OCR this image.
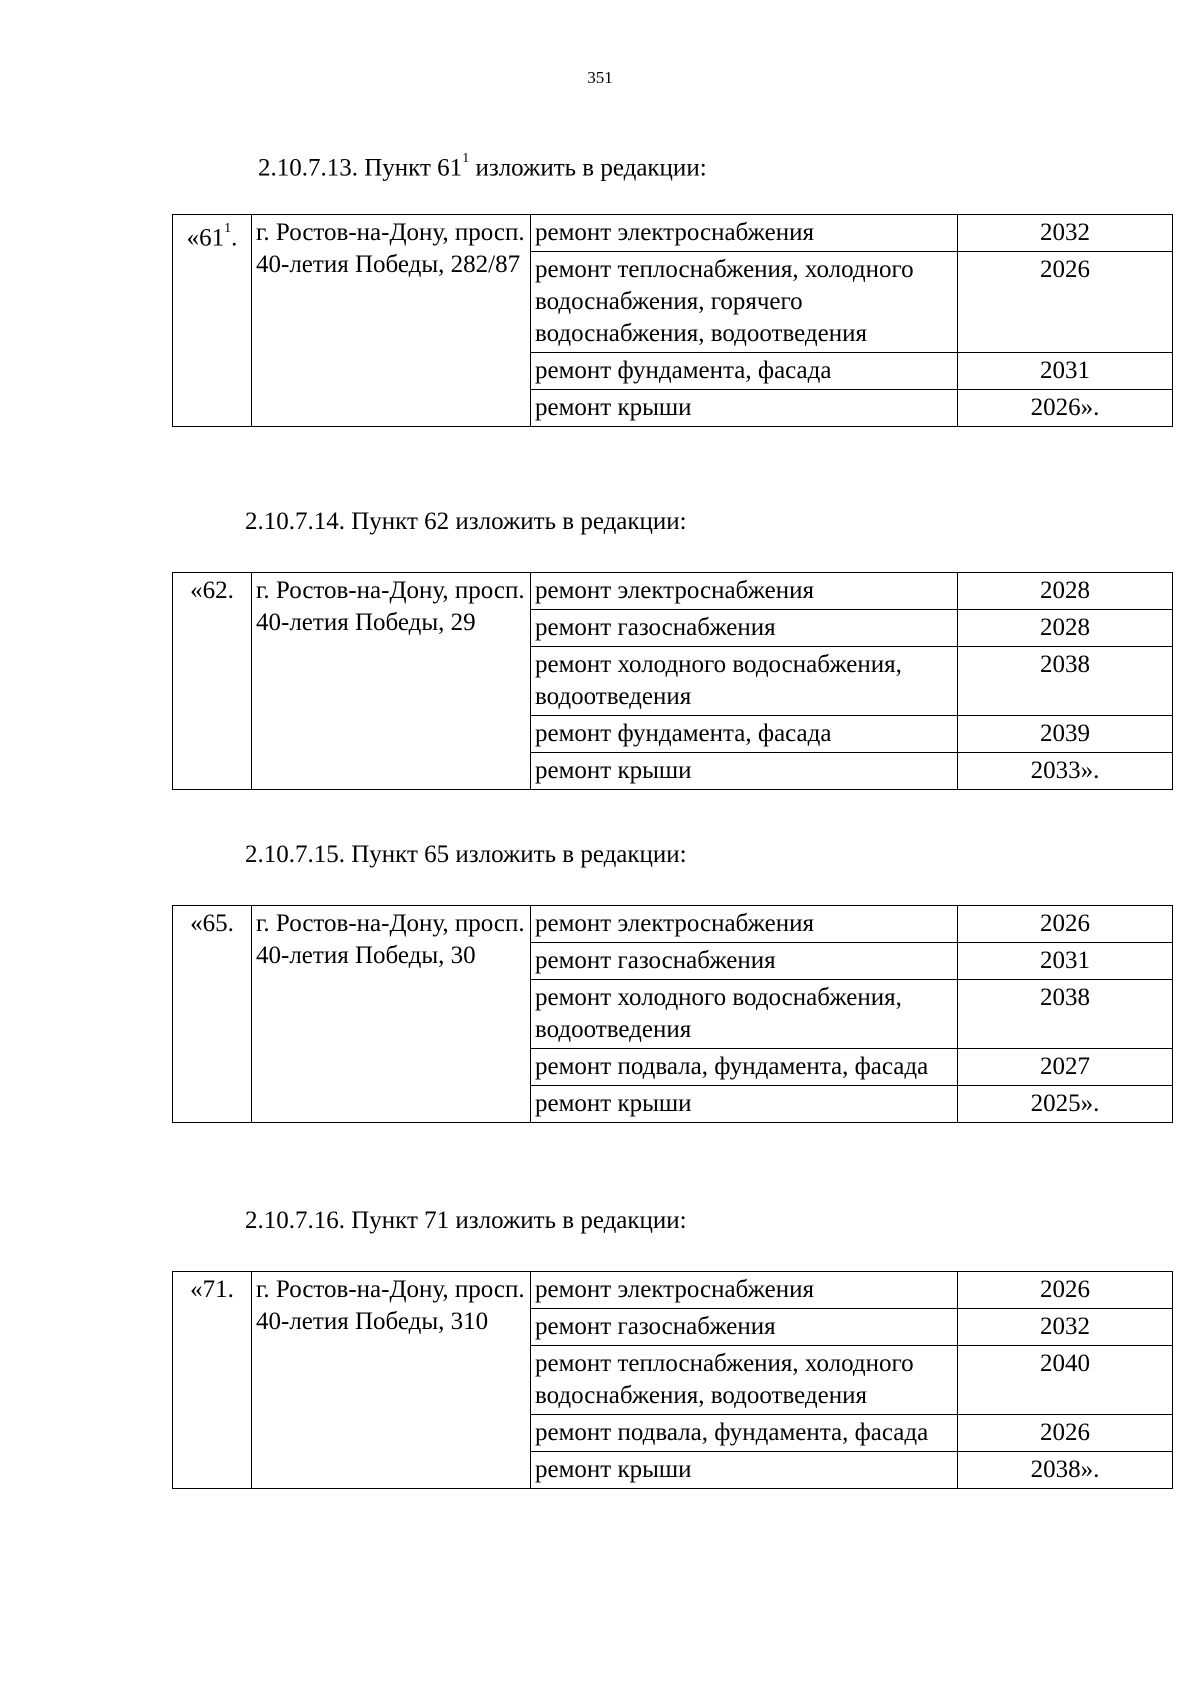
351
2.10.7.13. Пункт $61^1$ изложить в редакции:
«$61^1$.	г. Ростов-на-Дону, просп. 40-летия Победы, 282/87	ремонт электроснабжения	2032
		ремонт теплоснабжения, холодного водоснабжения, горячего водоснабжения, водоотведения	2026
		ремонт фундамента, фасада	2031
		ремонт крыши	2026».
2.10.7.14. Пункт 62 изложить в редакции:
«62.	г. Ростов-на-Дону, просп. 40-летия Победы, 29	ремонт электроснабжения	2028
		ремонт газоснабжения	2028
		ремонт холодного водоснабжения, водоотведения	2038
		ремонт фундамента, фасада	2039
		ремонт крыши	2033».
2.10.7.15. Пункт 65 изложить в редакции:
«65.	г. Ростов-на-Дону, просп. 40-летия Победы, 30	ремонт электроснабжения	2026
		ремонт газоснабжения	2031
		ремонт холодного водоснабжения, водоотведения	2038
		ремонт подвала, фундамента, фасада	2027
		ремонт крыши	2025».
2.10.7.16. Пункт 71 изложить в редакции:
«71.	г. Ростов-на-Дону, просп. 40-летия Победы, 310	ремонт электроснабжения	2026
		ремонт газоснабжения	2032
		ремонт теплоснабжения, холодного водоснабжения, водоотведения	2040
		ремонт подвала, фундамента, фасада	2026
		ремонт крыши	2038».
